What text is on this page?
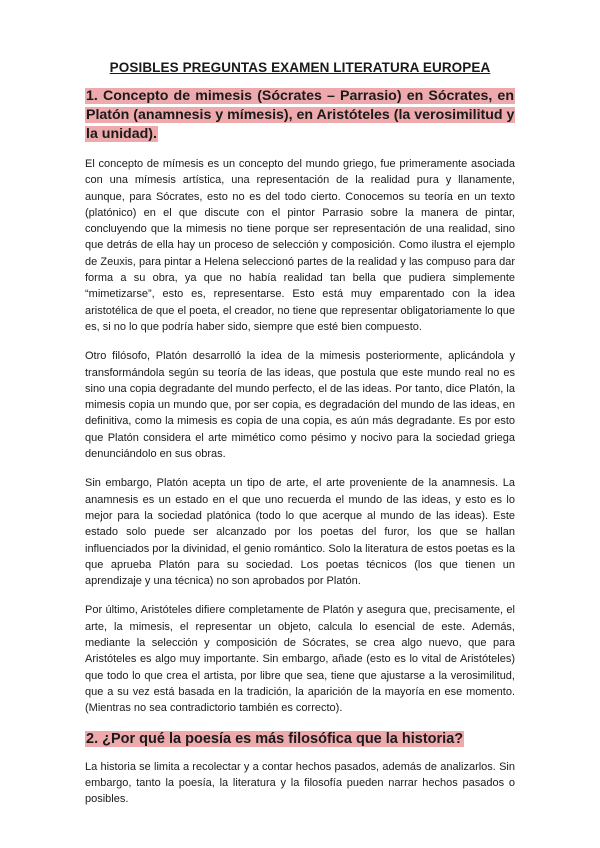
POSIBLES PREGUNTAS EXAMEN LITERATURA EUROPEA
1. Concepto de mimesis (Sócrates – Parrasio) en Sócrates, en Platón (anamnesis y mímesis), en Aristóteles (la verosimilitud y la unidad).

El concepto de mímesis es un concepto del mundo griego, fue primeramente asociada con una mímesis artística, una representación de la realidad pura y llanamente, aunque, para Sócrates, esto no es del todo cierto. Conocemos su teoría en un texto (platónico) en el que discute con el pintor Parrasio sobre la manera de pintar, concluyendo que la mimesis no tiene porque ser representación de una realidad, sino que detrás de ella hay un proceso de selección y composición. Como ilustra el ejemplo de Zeuxis, para pintar a Helena seleccionó partes de la realidad y las compuso para dar forma a su obra, ya que no había realidad tan bella que pudiera simplemente “mimetizarse”, esto es, representarse. Esto está muy emparentado con la idea aristotélica de que el poeta, el creador, no tiene que representar obligatoriamente lo que es, si no lo que podría haber sido, siempre que esté bien compuesto.

Otro filósofo, Platón desarrolló la idea de la mimesis posteriormente, aplicándola y transformándola según su teoría de las ideas, que postula que este mundo real no es sino una copia degradante del mundo perfecto, el de las ideas. Por tanto, dice Platón, la mimesis copia un mundo que, por ser copia, es degradación del mundo de las ideas, en definitiva, como la mimesis es copia de una copia, es aún más degradante. Es por esto que Platón considera el arte mimético como pésimo y nocivo para la sociedad griega denunciándolo en sus obras.

Sin embargo, Platón acepta un tipo de arte, el arte proveniente de la anamnesis. La anamnesis es un estado en el que uno recuerda el mundo de las ideas, y esto es lo mejor para la sociedad platónica (todo lo que acerque al mundo de las ideas). Este estado solo puede ser alcanzado por los poetas del furor, los que se hallan influenciados por la divinidad, el genio romántico. Solo la literatura de estos poetas es la que aprueba Platón para su sociedad. Los poetas técnicos (los que tienen un aprendizaje y una técnica) no son aprobados por Platón.

Por último, Aristóteles difiere completamente de Platón y asegura que, precisamente, el arte, la mimesis, el representar un objeto, calcula lo esencial de este. Además, mediante la selección y composición de Sócrates, se crea algo nuevo, que para Aristóteles es algo muy importante. Sin embargo, añade (esto es lo vital de Aristóteles) que todo lo que crea el artista, por libre que sea, tiene que ajustarse a la verosimilitud, que a su vez está basada en la tradición, la aparición de la mayoría en ese momento. (Mientras no sea contradictorio también es correcto).

2. ¿Por qué la poesía es más filosófica que la historia?

La historia se limita a recolectar y a contar hechos pasados, además de analizarlos. Sin embargo, tanto la poesía, la literatura y la filosofía pueden narrar hechos pasados o posibles.
